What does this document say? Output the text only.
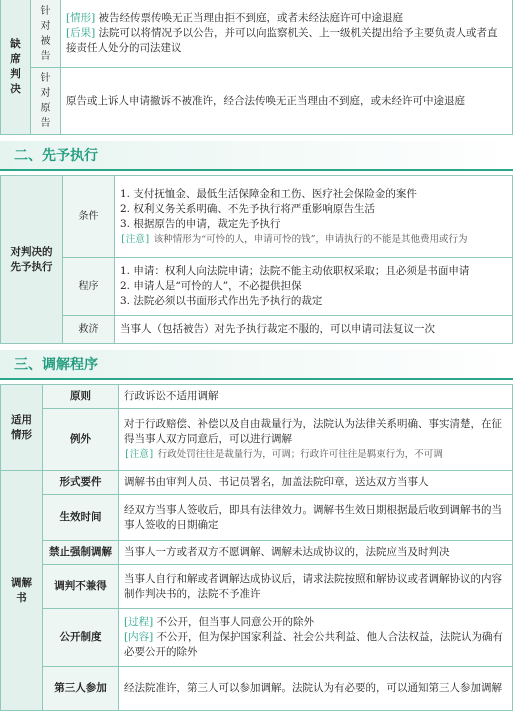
缺席判决	针对被告	[情形] 被告经传票传唤无正当理由拒不到庭，或者未经法庭许可中途退庭
[后果] 法院可以将情况予以公告，并可以向监察机关、上一级机关提出给予主要负责人或者直接责任人处分的司法建议

	针对原告	原告或上诉人申请撤诉不被准许，经合法传唤无正当理由不到庭，或未经许可中途退庭
二、先予执行
对判决的先予执行	条件	1. 支付抚恤金、最低生活保障金和工伤、医疗社会保险金的案件
2. 权利义务关系明确、不先予执行将严重影响原告生活
3. 根据原告的申请，裁定先予执行
[注意] 该种情形为“可怜的人，申请可怜的钱”，申请执行的不能是其他费用或行为

	程序	1. 申请：权利人向法院申请；法院不能主动依职权采取；且必须是书面申请
2. 申请人是“可怜的人”，不必提供担保
3. 法院必须以书面形式作出先予执行的裁定

	救济	当事人（包括被告）对先予执行裁定不服的，可以申请司法复议一次
三、调解程序
适用情形	原则	行政诉讼不适用调解
	例外	对于行政赔偿、补偿以及自由裁量行为，法院认为法律关系明确、事实清楚，在征得当事人双方同意后，可以进行调解
[注意] 行政处罚往往是裁量行为，可调；行政许可往往是羁束行为，不可调

调解书	形式要件	调解书由审判人员、书记员署名，加盖法院印章，送达双方当事人
	生效时间	经双方当事人签收后，即具有法律效力。调解书生效日期根据最后收到调解书的当事人签收的日期确定
	禁止强制调解	当事人一方或者双方不愿调解、调解未达成协议的，法院应当及时判决
	调判不兼得	当事人自行和解或者调解达成协议后，请求法院按照和解协议或者调解协议的内容制作判决书的，法院不予准许
	公开制度	[过程] 不公开，但当事人同意公开的除外
[内容] 不公开，但为保护国家利益、社会公共利益、他人合法权益，法院认为确有必要公开的除外

	第三人参加	经法院准许，第三人可以参加调解。法院认为有必要的，可以通知第三人参加调解
